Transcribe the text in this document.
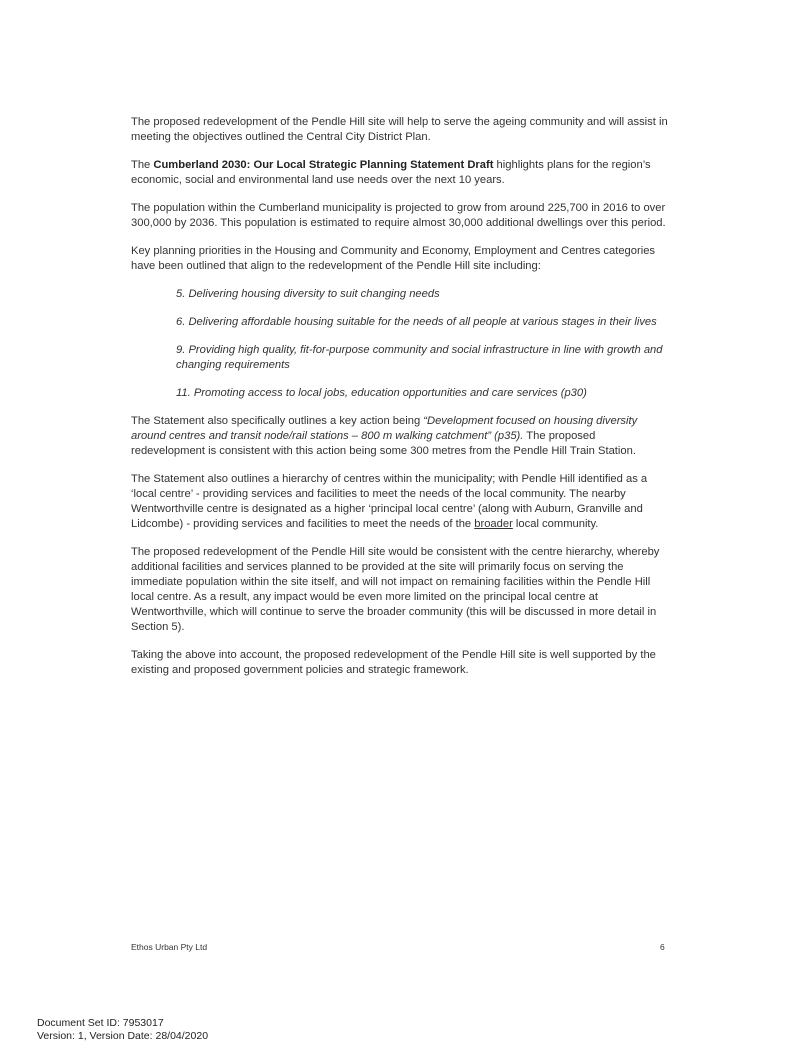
The proposed redevelopment of the Pendle Hill site will help to serve the ageing community and will assist in meeting the objectives outlined the Central City District Plan.

The Cumberland 2030: Our Local Strategic Planning Statement Draft highlights plans for the region’s economic, social and environmental land use needs over the next 10 years.

The population within the Cumberland municipality is projected to grow from around 225,700 in 2016 to over 300,000 by 2036. This population is estimated to require almost 30,000 additional dwellings over this period.

Key planning priorities in the Housing and Community and Economy, Employment and Centres categories have been outlined that align to the redevelopment of the Pendle Hill site including:

5. Delivering housing diversity to suit changing needs

6. Delivering affordable housing suitable for the needs of all people at various stages in their lives

9. Providing high quality, fit-for-purpose community and social infrastructure in line with growth and changing requirements

11. Promoting access to local jobs, education opportunities and care services (p30)

The Statement also specifically outlines a key action being “Development focused on housing diversity around centres and transit node/rail stations – 800 m walking catchment” (p35). The proposed redevelopment is consistent with this action being some 300 metres from the Pendle Hill Train Station.

The Statement also outlines a hierarchy of centres within the municipality; with Pendle Hill identified as a ‘local centre’ - providing services and facilities to meet the needs of the local community. The nearby Wentworthville centre is designated as a higher ‘principal local centre’ (along with Auburn, Granville and Lidcombe) - providing services and facilities to meet the needs of the broader local community.

The proposed redevelopment of the Pendle Hill site would be consistent with the centre hierarchy, whereby additional facilities and services planned to be provided at the site will primarily focus on serving the immediate population within the site itself, and will not impact on remaining facilities within the Pendle Hill local centre. As a result, any impact would be even more limited on the principal local centre at Wentworthville, which will continue to serve the broader community (this will be discussed in more detail in Section 5).

Taking the above into account, the proposed redevelopment of the Pendle Hill site is well supported by the existing and proposed government policies and strategic framework.

Ethos Urban Pty Ltd	6
Document Set ID: 7953017
Version: 1, Version Date: 28/04/2020
